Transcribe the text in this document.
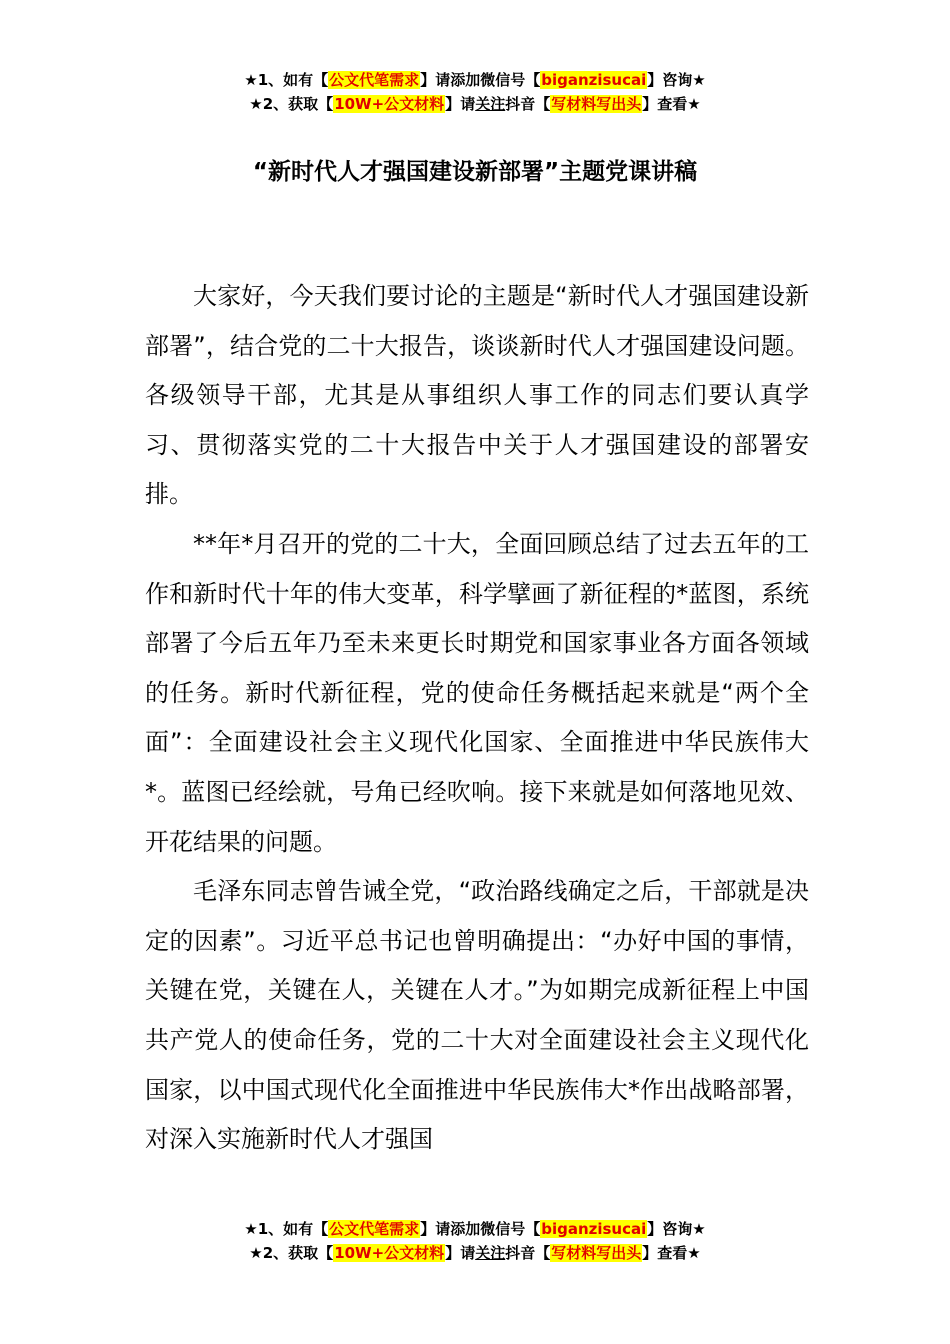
★1、如有【公文代笔需求】请添加微信号【biganzisucai】咨询★
★2、获取【10W+公文材料】请关注抖音【写材料写出头】查看★
“新时代人才强国建设新部署”主题党课讲稿

大家好，今天我们要讨论的主题是“新时代人才强国建设新部署”，结合党的二十大报告，谈谈新时代人才强国建设问题。各级领导干部，尤其是从事组织人事工作的同志们要认真学习、贯彻落实党的二十大报告中关于人才强国建设的部署安排。

**年*月召开的党的二十大，全面回顾总结了过去五年的工作和新时代十年的伟大变革，科学擘画了新征程的*蓝图，系统部署了今后五年乃至未来更长时期党和国家事业各方面各领域的任务。新时代新征程，党的使命任务概括起来就是“两个全面”：全面建设社会主义现代化国家、全面推进中华民族伟大*。蓝图已经绘就，号角已经吹响。接下来就是如何落地见效、开花结果的问题。

毛泽东同志曾告诫全党，“政治路线确定之后，干部就是决定的因素”。习近平总书记也曾明确提出：“办好中国的事情，关键在党，关键在人，关键在人才。”为如期完成新征程上中国共产党人的使命任务，党的二十大对全面建设社会主义现代化国家，以中国式现代化全面推进中华民族伟大*作出战略部署，对深入实施新时代人才强国

★1、如有【公文代笔需求】请添加微信号【biganzisucai】咨询★
★2、获取【10W+公文材料】请关注抖音【写材料写出头】查看★
